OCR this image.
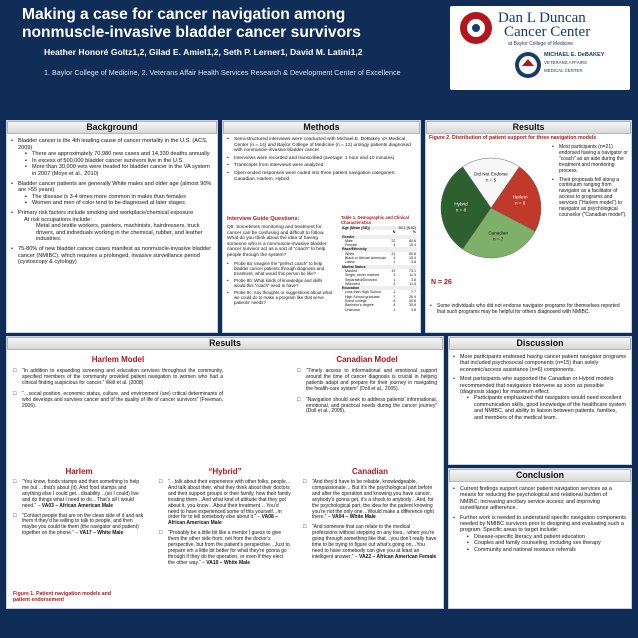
Making a case for cancer navigation among
nonmuscle-invasive bladder cancer survivors
Heather Honoré Goltz1,2, Gilad E. Amiel1,2, Seth P. Lerner1, David M. Latini1,2
1. Baylor College of Medicine, 2. Veterans Affair Health Services Research & Development Center of Excellence
Dan L Duncan
Cancer Center
at Baylor College of Medicine
MICHAEL E. DeBAKEY
VETERANS AFFAIRS
MEDICAL CENTER
Background
• Bladder cancer is the 4th leading cause of cancer mortality in the U.S. (ACS, 2009)
▪ There are approximately 70,980 new cases and 14,330 deaths annually
▪ In excess of 500,000 bladder cancer survivors live in the U.S.
▪ More than 30,000 vets were treated for bladder cancer in the VA system in 2007 (Moye et al., 2010)
• Bladder cancer patients are generally White males and older age (almost 90% are >55 years)
▪ The disease is 3-4 times more common in males than females
▪ Women and men of color tend to be diagnosed at later stages
• Primary risk factors include smoking and workplace/chemical exposure
At risk occupations include:
Metal and textile workers, painters, machinists, hairdressers, truck drivers, and individuals working in the chemical, rubber, and leather industries.
• 75-80% of new bladder cancer cases manifest as nonmuscle-invasive bladder cancer (NMIBC), which requires a prolonged, invasive surveillance period (cystoscopy & cytology)
Methods
• Semi-structured interviews were conducted with Michael E. DeBakey VA Medical Center (n = 14) and Baylor College of Medicine (n = 12) urology patients diagnosed with nonmuscle-invasive bladder cancer
• Interviews were recorded and transcribed (average: 1 hour and 10 minutes)
• Transcripts from interviews were analyzed
• Open-ended responses were coded into three patient navigation categories: Canadian, Harlem, Hybrid
Interview Guide Questions:
Q8. Sometimes monitoring and treatment for cancer can be confusing and difficult to follow. What do you think about the idea of having someone who is a nonmuscle-invasive bladder cancer survivor act as a sort of “coach” to help people through the system?
• Probe 8a: Imagine the “perfect coach” to help bladder cancer patients through diagnosis and treatment, what would this person be like?
• Probe 8b: What kinds of knowledge and skills would this “coach” need to have?
• Probe 8c: Any thoughts or suggestions about what we could do to make a program like that serve patients’ needs?
Table 1. Demographic and Clinical Characteristics
Age (Mean (SD))		69.1 (8.82)
	N	%
Gender		
Male	22	84.6
Female	4	15.4
Race/Ethnicity		
White	21	80.8
Black or African American	4	15.4
Latino	1	3.8
Marital Status		
Married	19	73.1
Single, never married	3	11.5
Separated/Divorced	1	3.8
Widowed	3	11.5
Education		
Less than High School	2	7.7
High School graduate	7	26.9
Some college	8	30.8
Bachelor's degree	8	30.8
Unknown	1	3.8
Results
Figure 2. Distribution of patient support for three navigation models
Did Not Endorse
n = 5
Harlem
n = 6
Canadian
n = 7
Hybrid
n = 8
N = 26
• Most participants (n=21) endorsed having a navigator or “coach” as an aide during the treatment and monitoring process.
• Their proposals fell along a continuum ranging from navigator as a facilitator of access to programs and services (“Harlem model”) to navigator as psychological counselor (“Canadian model”).
• Some individuals who did not endorse navigator programs for themselves reported that such programs may be helpful for others diagnosed with NMIBC.
Results
Harlem Model
□ “In addition to expanding screening and education services throughout the community, specified members of the community provided patient navigation to women who had a clinical finding suspicious for cancer.” Well et al. (2008)
□ “…social position, economic status, culture, and environment (are) critical determinants of who develops and survives cancer and of the quality of life of cancer survivors” (Freeman, 2006).
Canadian Model
□ “Timely access to informational and emotional support around the time of cancer diagnosis is crucial in helping patients adapt and prepare for their journey in navigating the health-care system” (Doll et al., 2005).
□ “Navigation should seek to address patients’ informational, emotional, and practical needs during the cancer journey” (Doll et al., 2005).
Harlem
□ “You know, foods stamps and then something to help me out …that’s about (it). And food stamps and anything else I could get…disability…(so I could) live and do things what I need to do…That’s all I would need.” – VA03 – African American Male
□ “Contact people that are on the clean side of it and ask them if they’d be willing to talk to people, and then maybe you could tie them (the navigator and patient) together on the phone.” – VA17 – White Male
Figure 1. Patient navigation models and patient endorsement
“Hybrid”
□ “…talk about their experience with other folks, people…And talk about their, what they think about their doctors and their support groups or their family, how their family treating them…And what kind of attitude that they got about it, you know…About their treatment… You’d need to have experienced some of this yourself…in order for to tell somebody else about it.” – VA08 – African American Male
□ “Probably be a little bit like a mentor I guess to give them the other side from, not from the doctor’s perspective, but from the patient’s perspective…Just to prepare em a little bit better for what they’re gonna go through if they do the operation, or even if they elect the other way.” – VA10 – White Male
Canadian
□ “And they’d have to be reliable, knowledgeable, compassionate… But it’s the psychological part before and after the operation and knowing you have cancer, anybody’s gonna get, it’s a shock to anybody…And, for the psychological part, the idea for the patient knowing you’re not the only one…Would make a difference right there.” – VA04 – White Male
□ “And someone that can relate to the medical professions without stepping on any toes…when you’re going through something like that…you don’t really have time to be trying to figure out what’s going on…You need to have somebody can give you at least an intelligent answer.” – VA22 – African American Female
Discussion
• More participants endorsed having cancer patient navigator programs that included psychosocial components (n=15) than solely economic/access assistance (n=6) components.
• Most participants who supported the Canadian or Hybrid models recommended that navigators intervene as soon as possible (diagnosis stage) for maximum effect.
▪ Participants emphasized that navigators would need excellent communication skills, good knowledge of the healthcare system and NMIBC, and ability to liaison between patients, families, and members of the medical team.
Conclusion
• Current findings support cancer patient navigation services as a means for reducing the psychological and relational burden of NMIBC; increasing ancillary service access; and improving surveillance adherence.
• Further work is needed to understand specific navigation components needed by NMIBC survivors prior to designing and evaluating such a program. Specific areas to target include:
▪ Disease-specific literacy and patient education
▪ Couples and family counseling, including sex therapy
▪ Community and national resource referrals
